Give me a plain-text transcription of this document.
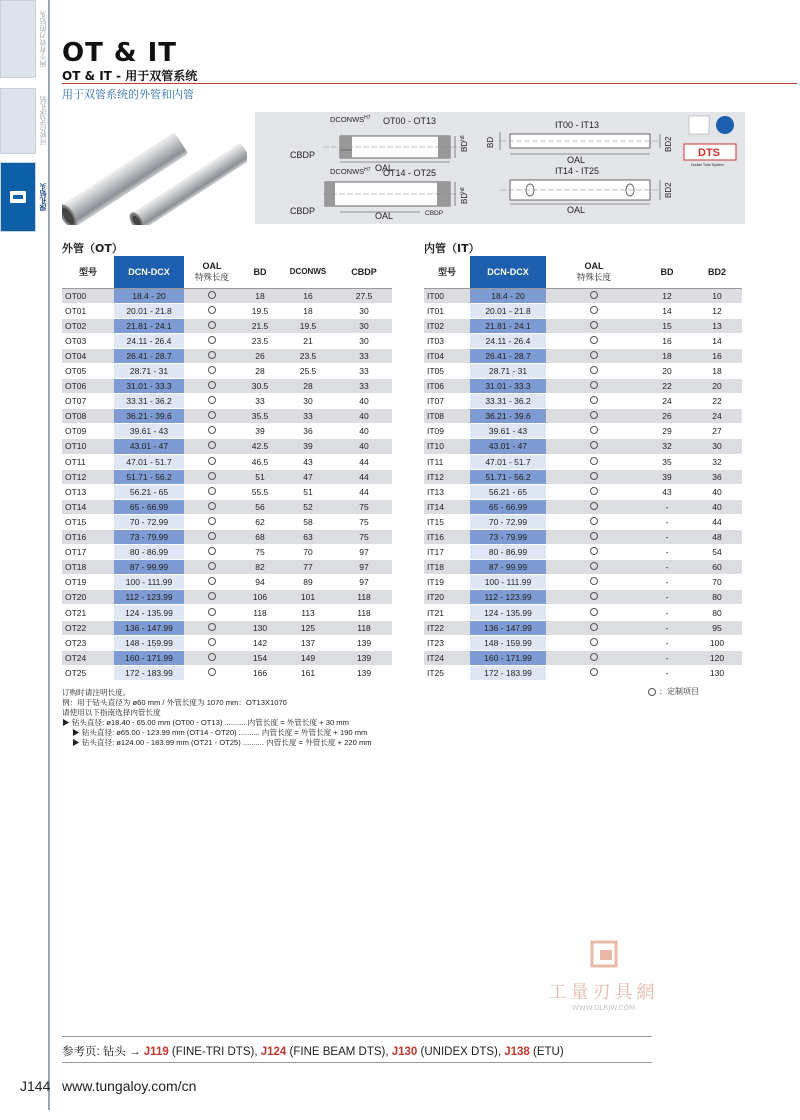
两个有效刃的钻头
可转位式深孔钻
深孔钻头
OT & IT
OT & IT - 用于双管系统
用于双管系统的外管和内管
$DCONWS^{H7}$ OT00 - OT13
OAL
CBDP
$BD^{h8}$
$DCONWS^{H7}$ OT14 - OT25
OAL
CBDP	CBDP
$BD^{h8}$
IT00 - IT13
OAL
BD	BD2
IT14 - IT25
OAL
BD2
DTS
Double Tube System
外管（OT）	内管（IT）
型号	DCN-DCX	OAL
特殊长度	BD	DCONWS	CBDP
OT00	18.4 - 20		18	16	27.5
OT01	20.01 - 21.8		19.5	18	30
OT02	21.81 - 24.1		21.5	19.5	30
OT03	24.11 - 26.4		23.5	21	30
OT04	26.41 - 28.7		26	23.5	33
OT05	28.71 - 31		28	25.5	33
OT06	31.01 - 33.3		30.5	28	33
OT07	33.31 - 36.2		33	30	40
OT08	36.21 - 39.6		35.5	33	40
OT09	39.61 - 43		39	36	40
OT10	43.01 - 47		42.5	39	40
OT11	47.01 - 51.7		46.5	43	44
OT12	51.71 - 56.2		51	47	44
OT13	56.21 - 65		55.5	51	44
OT14	65 - 66.99		56	52	75
OT15	70 - 72.99		62	58	75
OT16	73 - 79.99		68	63	75
OT17	80 - 86.99		75	70	97
OT18	87 - 99.99		82	77	97
OT19	100 - 111.99		94	89	97
OT20	112 - 123.99		106	101	118
OT21	124 - 135.99		118	113	118
OT22	136 - 147.99		130	125	118
OT23	148 - 159.99		142	137	139
OT24	160 - 171.99		154	149	139
OT25	172 - 183.99		166	161	139
型号	DCN-DCX	OAL
特殊长度	BD	BD2
IT00	18.4 - 20		12	10
IT01	20.01 - 21.8		14	12
IT02	21.81 - 24.1		15	13
IT03	24.11 - 26.4		16	14
IT04	26.41 - 28.7		18	16
IT05	28.71 - 31		20	18
IT06	31.01 - 33.3		22	20
IT07	33.31 - 36.2		24	22
IT08	36.21 - 39.6		26	24
IT09	39.61 - 43		29	27
IT10	43.01 - 47		32	30
IT11	47.01 - 51.7		35	32
IT12	51.71 - 56.2		39	36
IT13	56.21 - 65		43	40
IT14	65 - 66.99		-	40
IT15	70 - 72.99		-	44
IT16	73 - 79.99		-	48
IT17	80 - 86.99		-	54
IT18	87 - 99.99		-	60
IT19	100 - 111.99		-	70
IT20	112 - 123.99		-	80
IT21	124 - 135.99		-	80
IT22	136 - 147.99		-	95
IT23	148 - 159.99		-	100
IT24	160 - 171.99		-	120
IT25	172 - 183.99		-	130
：定制项目
订购时请注明长度。
例：用于钻头直径为 ø60 mm / 外管长度为 1070 mm：OT13X1070
请使用以下指南选择内管长度
▶ 钻头直径: ø18.40 - 65.00 mm (OT00 - OT13) .......... 内管长度 = 外管长度 + 30 mm
▶ 钻头直径: ø65.00 - 123.99 mm (OT14 - OT20) .......... 内管长度 = 外管长度 + 190 mm
▶ 钻头直径: ø124.00 - 183.99 mm (OT21 - OT25) .......... 内管长度 = 外管长度 + 220 mm
工量刃具網
WWW.GLRJW.COM
参考页: 钻头 → J119 (FINE-TRI DTS), J124 (FINE BEAM DTS), J130 (UNIDEX DTS), J138 (ETU)
J144 www.tungaloy.com/cn
